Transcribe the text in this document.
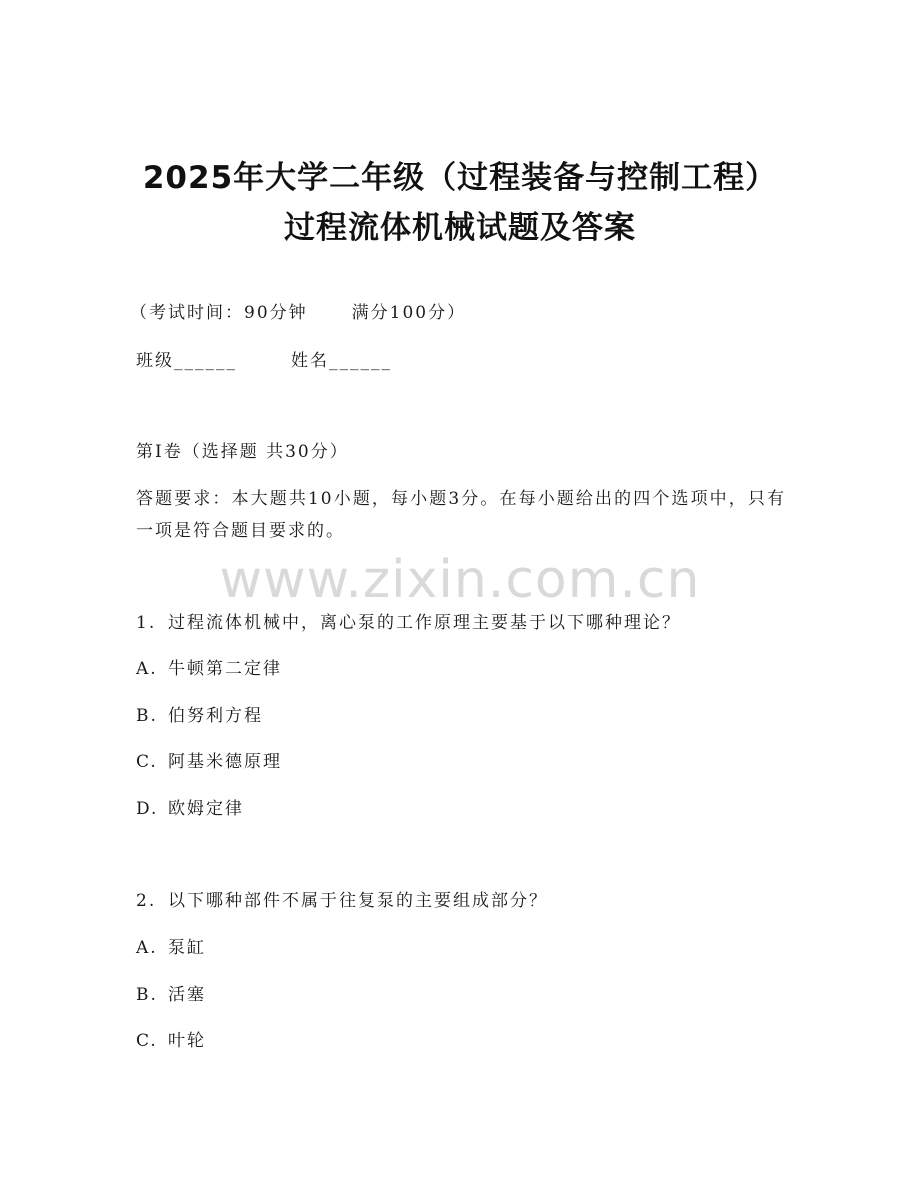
2025年大学二年级（过程装备与控制工程）
过程流体机械试题及答案
（考试时间：90分钟	满分100分）
班级______	姓名______
第I卷（选择题 共30分）
答题要求：本大题共10小题，每小题3分。在每小题给出的四个选项中，只有一项是符合题目要求的。
www.zixin.com.cn
1. 过程流体机械中，离心泵的工作原理主要基于以下哪种理论？
A. 牛顿第二定律
B. 伯努利方程
C. 阿基米德原理
D. 欧姆定律
2. 以下哪种部件不属于往复泵的主要组成部分？
A. 泵缸
B. 活塞
C. 叶轮
